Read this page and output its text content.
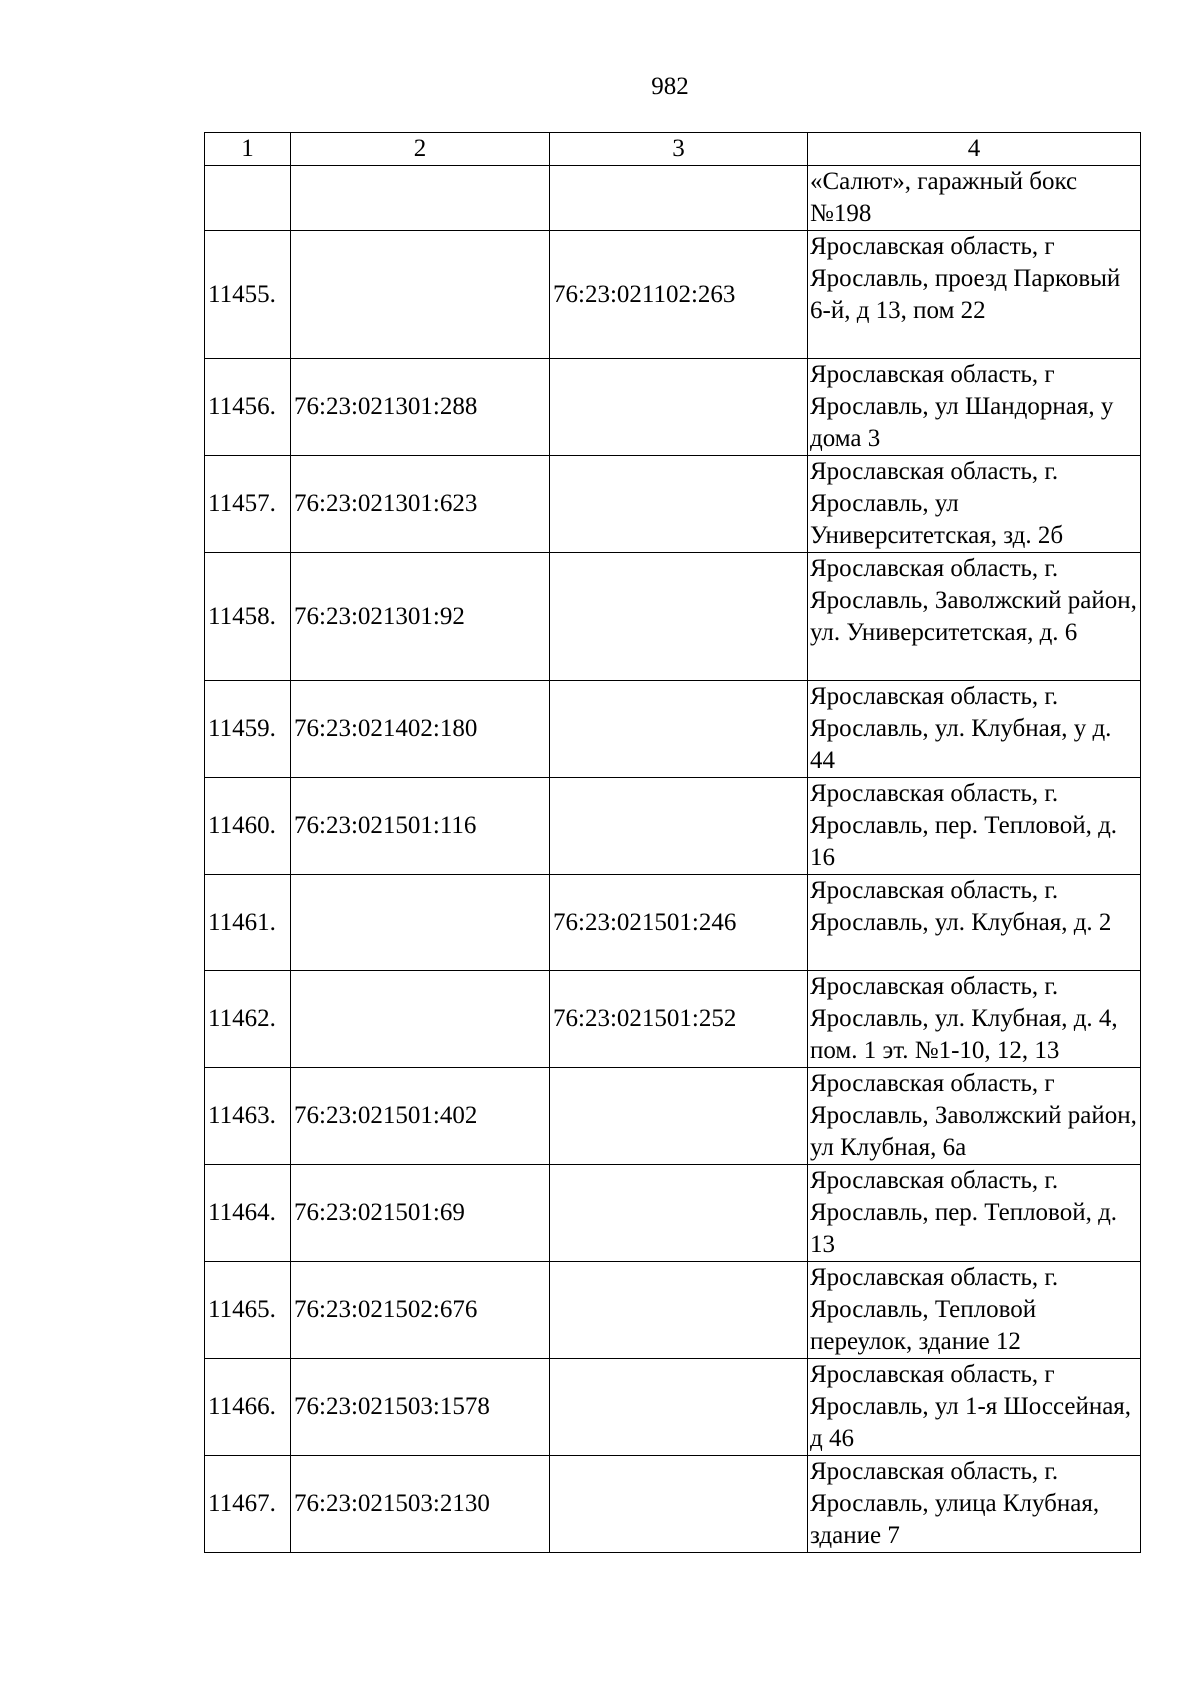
982
1	2	3	4
			«Салют», гаражный бокс №198
11455.		76:23:021102:263	Ярославская область, г Ярославль, проезд Парковый 6-й, д 13, пом 22
11456.	76:23:021301:288		Ярославская область, г Ярославль, ул Шандорная, у дома 3
11457.	76:23:021301:623		Ярославская область, г. Ярославль, ул Университетская, зд. 2б
11458.	76:23:021301:92		Ярославская область, г. Ярославль, Заволжский район, ул. Университетская, д. 6
11459.	76:23:021402:180		Ярославская область, г. Ярославль, ул. Клубная, у д. 44
11460.	76:23:021501:116		Ярославская область, г. Ярославль, пер. Тепловой, д. 16
11461.		76:23:021501:246	Ярославская область, г. Ярославль, ул. Клубная, д. 2
11462.		76:23:021501:252	Ярославская область, г. Ярославль, ул. Клубная, д. 4, пом. 1 эт. №1-10, 12, 13
11463.	76:23:021501:402		Ярославская область, г Ярославль, Заволжский район, ул Клубная, 6а
11464.	76:23:021501:69		Ярославская область, г. Ярославль, пер. Тепловой, д. 13
11465.	76:23:021502:676		Ярославская область, г. Ярославль, Тепловой переулок, здание 12
11466.	76:23:021503:1578		Ярославская область, г Ярославль, ул 1-я Шоссейная, д 46
11467.	76:23:021503:2130		Ярославская область, г. Ярославль, улица Клубная, здание 7
